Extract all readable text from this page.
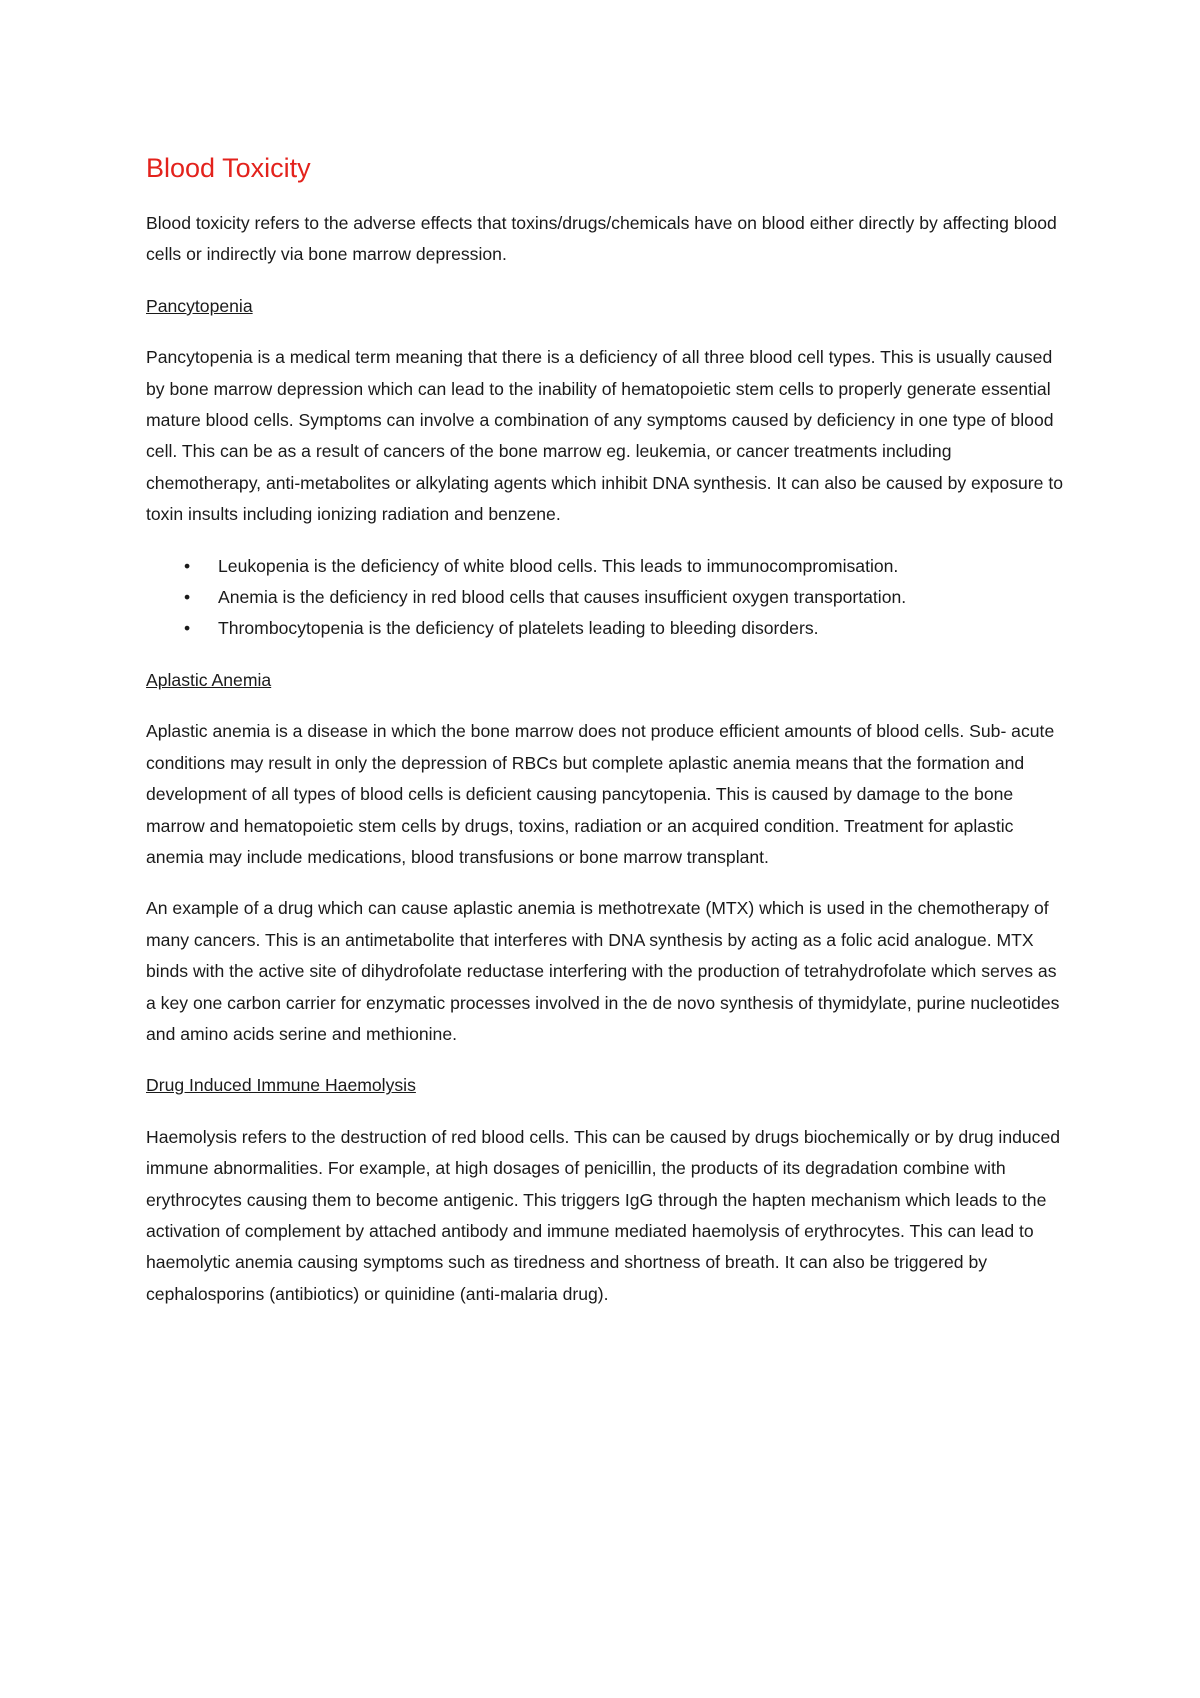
Blood Toxicity

Blood toxicity refers to the adverse effects that toxins/drugs/chemicals have on blood either directly by affecting blood cells or indirectly via bone marrow depression.

Pancytopenia

Pancytopenia is a medical term meaning that there is a deficiency of all three blood cell types. This is usually caused by bone marrow depression which can lead to the inability of hematopoietic stem cells to properly generate essential mature blood cells. Symptoms can involve a combination of any symptoms caused by deficiency in one type of blood cell. This can be as a result of cancers of the bone marrow eg. leukemia, or cancer treatments including chemotherapy, anti-metabolites or alkylating agents which inhibit DNA synthesis. It can also be caused by exposure to toxin insults including ionizing radiation and benzene.

• Leukopenia is the deficiency of white blood cells. This leads to immunocompromisation.
• Anemia is the deficiency in red blood cells that causes insufficient oxygen transportation.
• Thrombocytopenia is the deficiency of platelets leading to bleeding disorders.
Aplastic Anemia

Aplastic anemia is a disease in which the bone marrow does not produce efficient amounts of blood cells. Sub- acute conditions may result in only the depression of RBCs but complete aplastic anemia means that the formation and development of all types of blood cells is deficient causing pancytopenia. This is caused by damage to the bone marrow and hematopoietic stem cells by drugs, toxins, radiation or an acquired condition. Treatment for aplastic anemia may include medications, blood transfusions or bone marrow transplant.

An example of a drug which can cause aplastic anemia is methotrexate (MTX) which is used in the chemotherapy of many cancers. This is an antimetabolite that interferes with DNA synthesis by acting as a folic acid analogue. MTX binds with the active site of dihydrofolate reductase interfering with the production of tetrahydrofolate which serves as a key one carbon carrier for enzymatic processes involved in the de novo synthesis of thymidylate, purine nucleotides and amino acids serine and methionine.

Drug Induced Immune Haemolysis

Haemolysis refers to the destruction of red blood cells. This can be caused by drugs biochemically or by drug induced immune abnormalities. For example, at high dosages of penicillin, the products of its degradation combine with erythrocytes causing them to become antigenic. This triggers IgG through the hapten mechanism which leads to the activation of complement by attached antibody and immune mediated haemolysis of erythrocytes. This can lead to haemolytic anemia causing symptoms such as tiredness and shortness of breath. It can also be triggered by cephalosporins (antibiotics) or quinidine (anti-malaria drug).
